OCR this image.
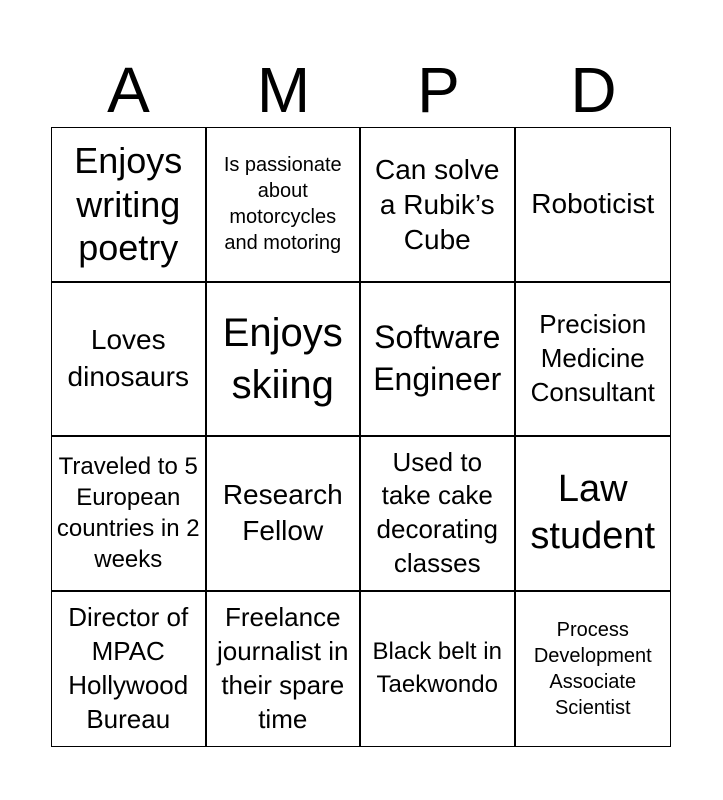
A	M	P	D
Enjoys writing poetry
Is passionate about motorcycles and motoring
Can solve a Rubik’s Cube
Roboticist
Loves dinosaurs
Enjoys skiing
Software Engineer
Precision Medicine Consultant
Traveled to 5 European countries in 2 weeks
Research Fellow
Used to take cake decorating classes
Law student
Director of MPAC Hollywood Bureau
Freelance journalist in their spare time
Black belt in Taekwondo
Process Development Associate Scientist
